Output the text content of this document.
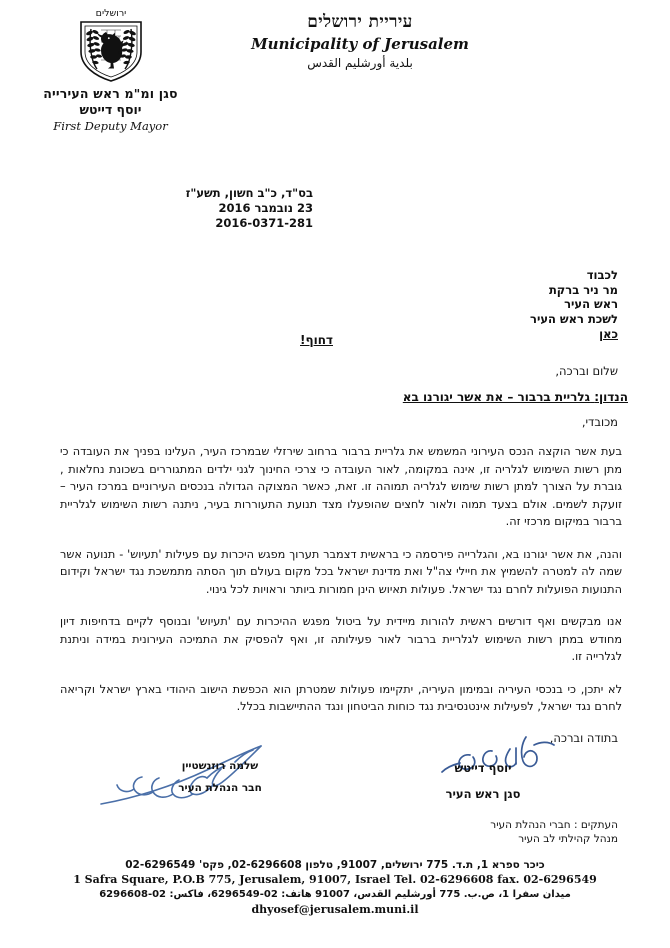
ירושלים
סגן ומ"מ ראש העירייה
יוסף דייטש
First Deputy Mayor
עיריית ירושלים
Municipality of Jerusalem
بلدية أورشليم القدس
בס"ד, כ"ב חשון, תשע"ז
23 נובמבר 2016
2016-0371-281
לכבוד
מר ניר ברקת
ראש העיר
לשכת ראש העיר
כאן
דחוף!
שלום וברכה,
הנדון: גלריית ברבור – את אשר יגורנו בא
מכובדי,

בעת אשר הוקצה הנכס העירוני המשמש את גלריית ברבור ברחוב שירזלי שבמרכז העיר, העלינו בפניך את העובדה כי מתן רשות השימוש לגלריה זו, אינה במקומה, לאור העובדה כי צרכי החינוך לגני ילדים המתגוררים בשכונת נחלאות , גוברת על הצורך למתן רשות שימוש לגלריה תמוהה זו. זאת, כאשר המצוקה הגדולה בנכסים העירוניים במרכז העיר – זועקת לשמים. אולם בצעד תמוה ולאור לחצים שהופעלו מצד תנועת התעוררות בעיר, ניתנה רשות השימוש לגלריית ברבור במיקום מרכזי זה.

והנה, את אשר יגורנו בא, והגלרייה פירסמה כי בראשית דצמבר תערוך מפגש היכרות עם פעילות 'תעיוש' - תנועה אשר שמה לה למטרה להשמיץ את חיילי צה"ל ואת מדינת ישראל בכל מקום בעולם תוך הסתה מתמשכת נגד ישראל וקידום התנועות הפועלות לחרם נגד ישראל. פעולות תאיוש הינן חמורות ביותר וראויות לכל גינוי.

אנו מבקשים ואף דורשים ראשית להורות מיידית על ביטול מפגש ההיכרות עם 'תעיוש' ובנוסף לקיים בדחיפות דיון מחודש במתן רשות השימוש לגלריית ברבור לאור פעילותה זו, ואף להפסיק את התמיכה העירונית במידה וניתנת לגלרייה זו.

לא יתכן, כי בנכסי העיריה ובמימון העיריה, יתקיימו פעולות שמטרתן הוא הכפשת הישוב היהודי בארץ ישראל וקריאה לחרם נגד ישראל, לפעילות אינטנסיבית נגד כוחות הביטחון ונגד ההתיישבות בכלל.

בתודה וברכה,
יוסף דייטש
סגן ראש העיר
שלמה רוזנשטיין
חבר הנהלת העיר
העתקים : חברי הנהלת העיר
מנהל קהילתי לב העיר
כיכר ספרא 1, ת.ד. 775 ירושלים, 91007, טלפון 02-6296608, פקס' 02-6296549
1 Safra Square, P.O.B 775, Jerusalem, 91007, Israel Tel. 02-6296608 fax. 02-6296549
ميدان سفرا 1، ص.ب. 775 أورشليم القدس، 91007 هاتف: 02-6296549، فاكس: 02-6296608
dhyosef@jerusalem.muni.il
